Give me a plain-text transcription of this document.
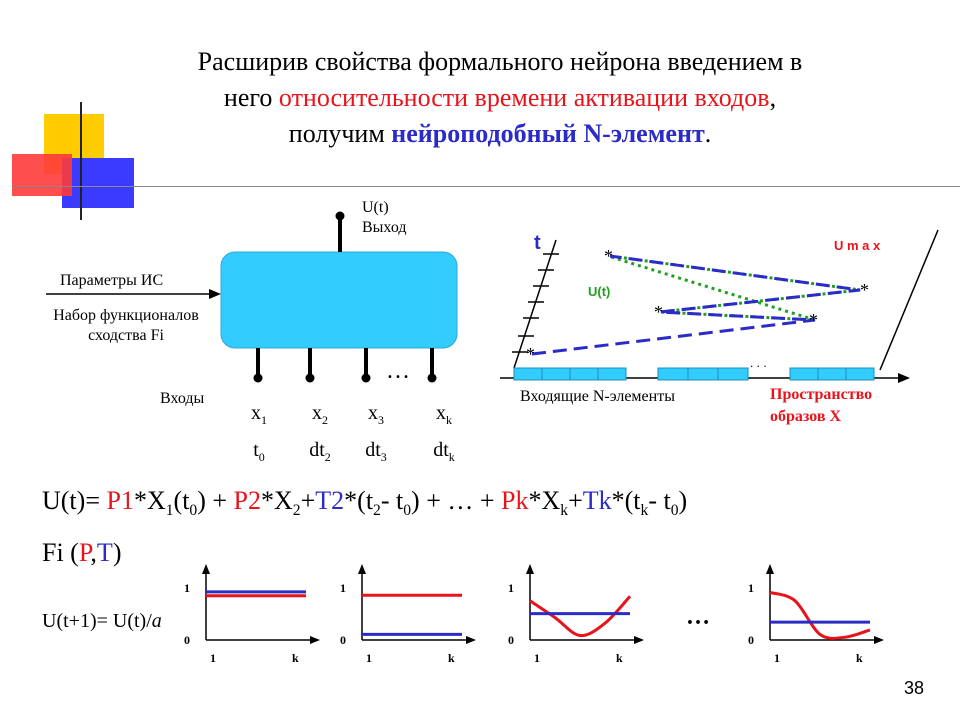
Расширив свойства формального нейрона введением в
него относительности времени активации входов,
получим нейроподобный N-элемент.
U(t)
Выход
Параметры ИС
Набор функционалов
сходства Fi
Входы
…
$x_1$
$t_0$
$x_2$
$dt_2$
$x_3$
$dt_3$
$x_k$
$dt_k$
t	U m a x
U(t)
. . .
Входящие N-элементы	Пространство
образов Х
*
*
*	*
*
$U(t)= P1*X_1(t_0) + P2*X_2+T2*(t_2-$ $t_0$) + … + $Pk*X_k+Tk*(t_k-$ $t_0$)
Fi (P,T)
U(t+1)= U(t)/a
1
0
1	k
1
0
1	k
1
0
1	k
1
0
1	k
…
38
